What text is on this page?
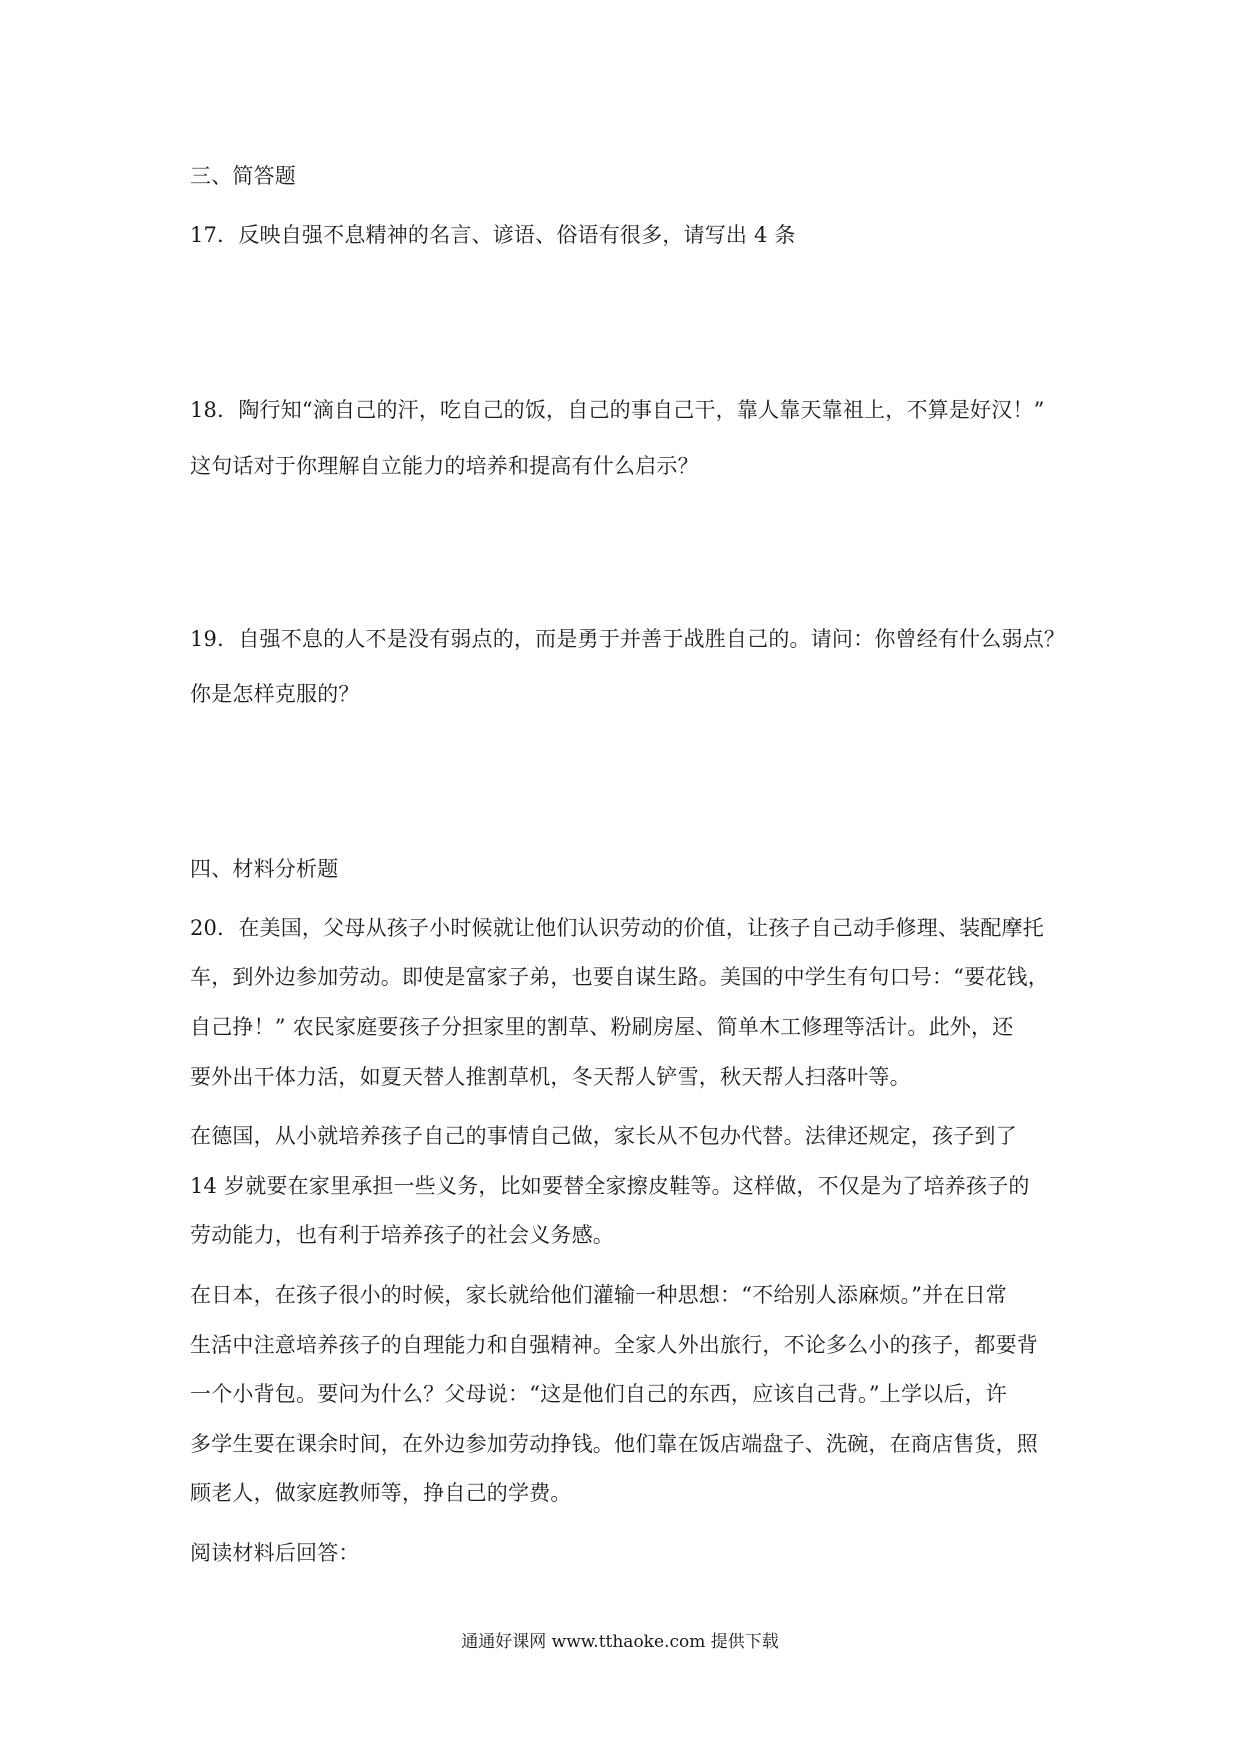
三、简答题
17．反映自强不息精神的名言、谚语、俗语有很多，请写出 4 条
18．陶行知“滴自己的汗，吃自己的饭，自己的事自己干，靠人靠天靠祖上，不算是好汉！”
这句话对于你理解自立能力的培养和提高有什么启示？
19．自强不息的人不是没有弱点的，而是勇于并善于战胜自己的。请问：你曾经有什么弱点？
你是怎样克服的？
四、材料分析题
20．在美国，父母从孩子小时候就让他们认识劳动的价值，让孩子自己动手修理、装配摩托
车，到外边参加劳动。即使是富家子弟，也要自谋生路。美国的中学生有句口号：“要花钱，
自己挣！” 农民家庭要孩子分担家里的割草、粉刷房屋、简单木工修理等活计。此外，还
要外出干体力活，如夏天替人推割草机，冬天帮人铲雪，秋天帮人扫落叶等。
在德国，从小就培养孩子自己的事情自己做，家长从不包办代替。法律还规定，孩子到了
14 岁就要在家里承担一些义务，比如要替全家擦皮鞋等。这样做，不仅是为了培养孩子的
劳动能力，也有利于培养孩子的社会义务感。
在日本，在孩子很小的时候，家长就给他们灌输一种思想：“不给别人添麻烦。”并在日常
生活中注意培养孩子的自理能力和自强精神。全家人外出旅行，不论多么小的孩子，都要背
一个小背包。要问为什么？父母说：“这是他们自己的东西，应该自己背。”上学以后，许
多学生要在课余时间，在外边参加劳动挣钱。他们靠在饭店端盘子、洗碗，在商店售货，照
顾老人，做家庭教师等，挣自己的学费。
阅读材料后回答：
通通好课网 www.tthaoke.com 提供下载
